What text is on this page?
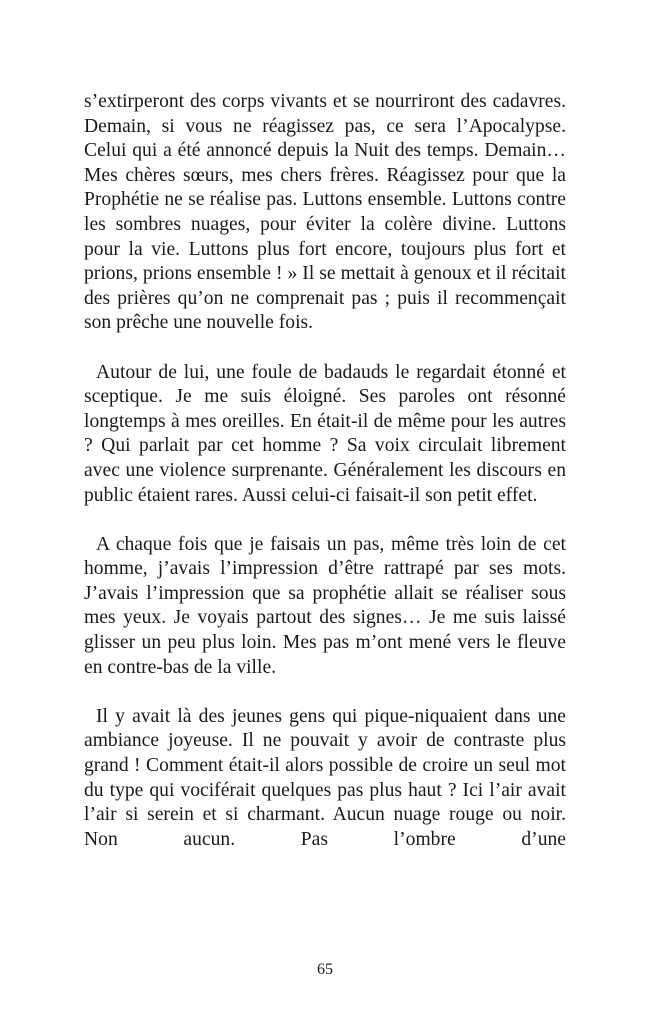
s’extirperont des corps vivants et se nourriront des cadavres. Demain, si vous ne réagissez pas, ce sera l’Apocalypse. Celui qui a été annoncé depuis la Nuit des temps. Demain… Mes chères sœurs, mes chers frères. Réagissez pour que la Prophétie ne se réalise pas. Luttons ensemble. Luttons contre les sombres nuages, pour éviter la colère divine. Luttons pour la vie. Luttons plus fort encore, toujours plus fort et prions, prions ensemble ! » Il se mettait à genoux et il récitait des prières qu’on ne comprenait pas ; puis il recommençait son prêche une nouvelle fois.

Autour de lui, une foule de badauds le regardait étonné et sceptique. Je me suis éloigné. Ses paroles ont résonné longtemps à mes oreilles. En était-il de même pour les autres ? Qui parlait par cet homme ? Sa voix circulait librement avec une violence surprenante. Généralement les discours en public étaient rares. Aussi celui-ci faisait-il son petit effet.

A chaque fois que je faisais un pas, même très loin de cet homme, j’avais l’impression d’être rattrapé par ses mots. J’avais l’impression que sa prophétie allait se réaliser sous mes yeux. Je voyais partout des signes… Je me suis laissé glisser un peu plus loin. Mes pas m’ont mené vers le fleuve en contre-bas de la ville.

Il y avait là des jeunes gens qui pique-niquaient dans une ambiance joyeuse. Il ne pouvait y avoir de contraste plus grand ! Comment était-il alors possible de croire un seul mot du type qui vociférait quelques pas plus haut ? Ici l’air avait l’air si serein et si charmant. Aucun nuage rouge ou noir. Non aucun. Pas l’ombre d’une

65
